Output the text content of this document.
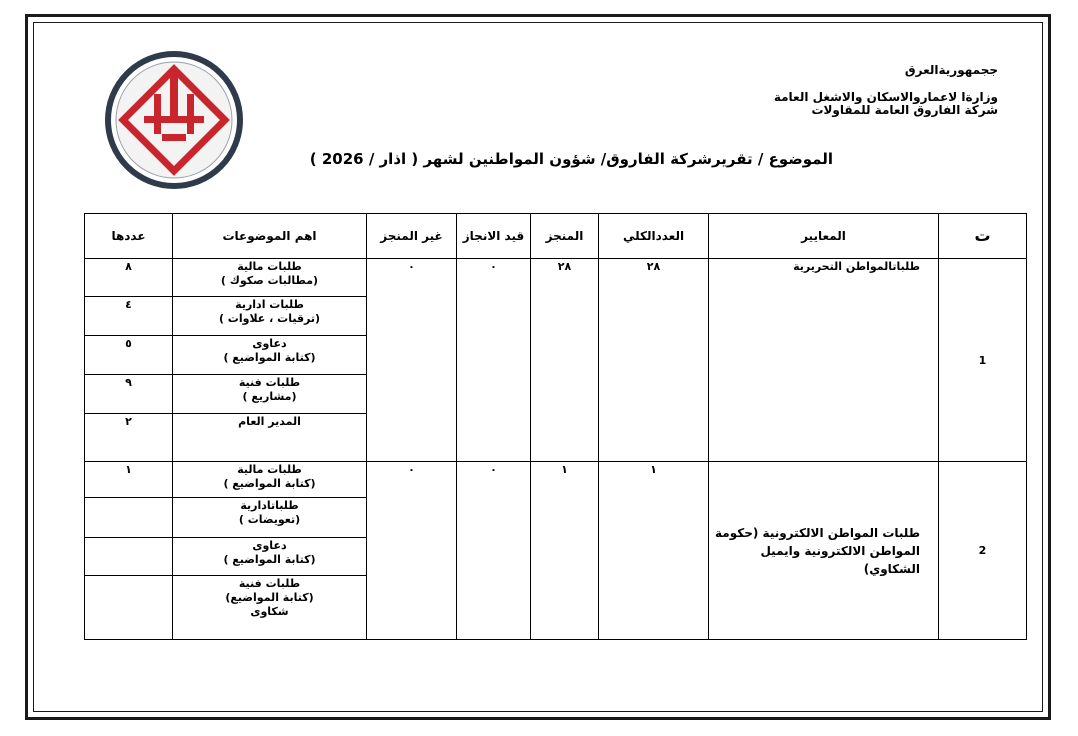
ججمهوريةالعرق
وزارةا لاعماروالاسكان والاشغل العامة
شركة الفاروق العامة للمقاولات
الموضوع / تقريرشركة الفاروق/ شؤون المواطنين لشهر ( اذار / 2026 )
ت	المعايير	العددالكلي	المنجز	قيد الانجاز	غير المنجز	اهم الموضوعات	عددها
1	طلباتالمواطن التحريرية	٢٨	٢٨	٠	٠	طلبات مالية
(مطالبات صكوك )	٨

						طلبات ادارية
(ترقيات ، علاوات )	٤

						دعاوى
(كتابة المواضيع )	٥

						طلبات فنية
(مشاريع )	٩

						المدير العام	٢
2	طلبات المواطن الالكترونية (حكومة المواطن الالكترونية وايميل الشكاوي)	١	١	٠	٠	طلبات مالية
(كتابة المواضيع )	١

						طلباتادارية
(تعويضات )	

						دعاوى
(كتابة المواضيع )	

						طلبات فنية
(كتابة المواضيع)
شكاوى	
